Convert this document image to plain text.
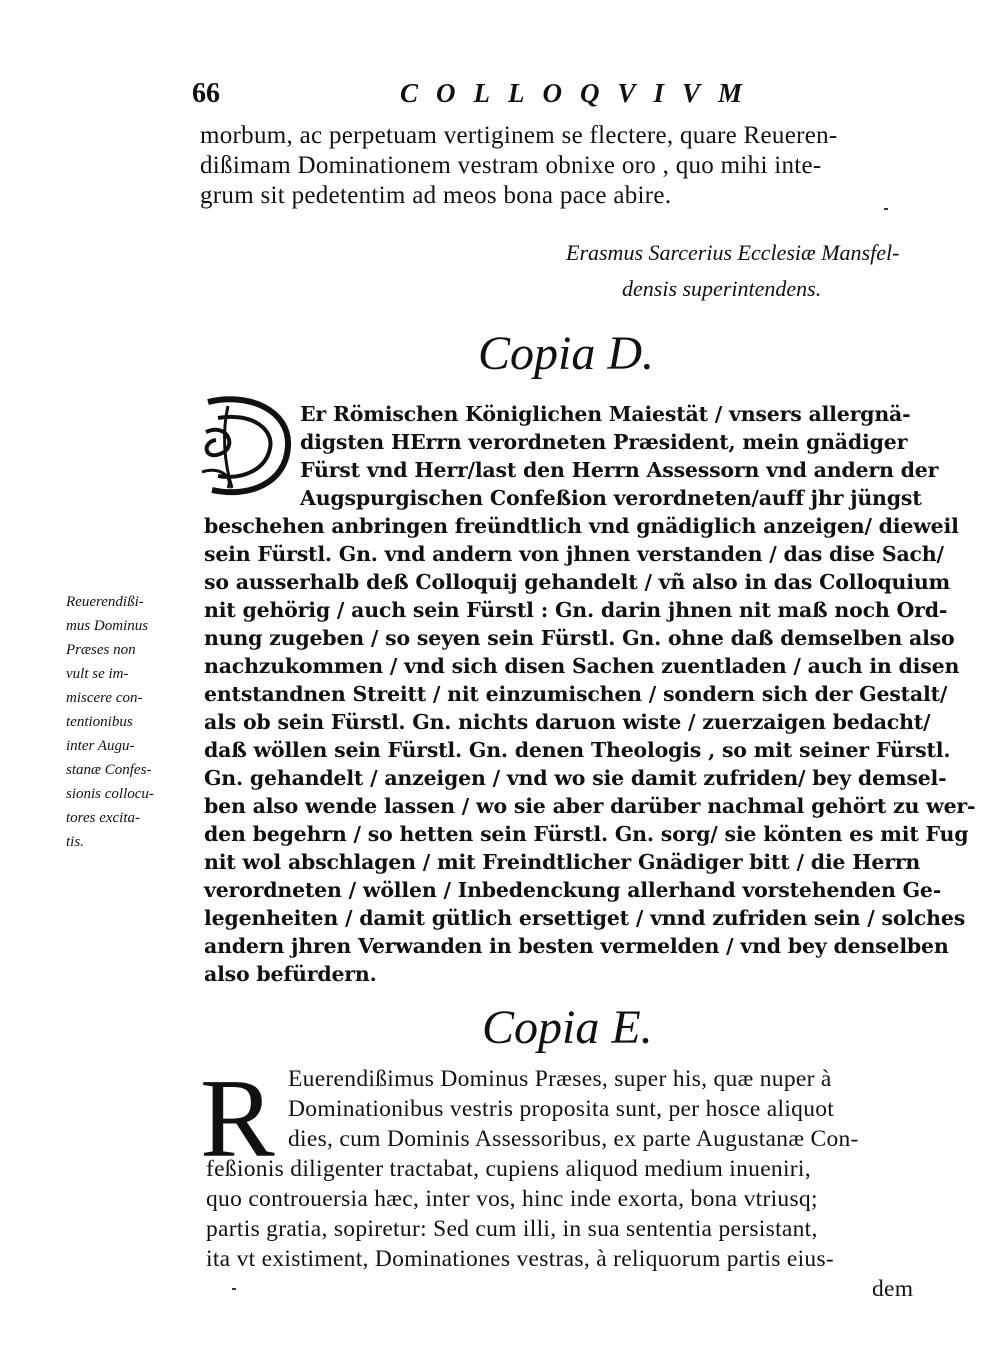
66	COLLOQVIVM
morbum, ac perpetuam vertiginem se flectere, quare Reueren-
dißimam Dominationem vestram obnixe oro , quo mihi inte-
grum sit pedetentim ad meos bona pace abire.
Erasmus Sarcerius Ecclesiæ Mansfel-
densis superintendens.
Copia D.
Er Römischen Königlichen Maiestät / vnsers allergnä-
digsten HErrn verordneten Præsident, mein gnädiger
Fürst vnd Herr/last den Herrn Assessorn vnd andern der
Augspurgischen Confeßion verordneten/auff jhr jüngst
beschehen anbringen freündtlich vnd gnädiglich anzeigen/ dieweil
sein Fürstl. Gn. vnd andern von jhnen verstanden / das dise Sach/
so ausserhalb deß Colloquij gehandelt / vñ also in das Colloquium
nit gehörig / auch sein Fürstl : Gn. darin jhnen nit maß noch Ord-
nung zugeben / so seyen sein Fürstl. Gn. ohne daß demselben also
nachzukommen / vnd sich disen Sachen zuentladen / auch in disen
entstandnen Streitt / nit einzumischen / sondern sich der Gestalt/
als ob sein Fürstl. Gn. nichts daruon wiste / zuerzaigen bedacht/
daß wöllen sein Fürstl. Gn. denen Theologis , so mit seiner Fürstl.
Gn. gehandelt / anzeigen / vnd wo sie damit zufriden/ bey demsel-
ben also wende lassen / wo sie aber darüber nachmal gehört zu wer-
den begehrn / so hetten sein Fürstl. Gn. sorg/ sie könten es mit Fug
nit wol abschlagen / mit Freindtlicher Gnädiger bitt / die Herrn
verordneten / wöllen / Inbedenckung allerhand vorstehenden Ge-
legenheiten / damit gütlich ersettiget / vnnd zufriden sein / solches
andern jhren Verwanden in besten vermelden / vnd bey denselben
also befürdern.
Reuerendißi-
mus Dominus
Præses non
vult se im-
miscere con-
tentionibus
inter Augu-
stanæ Confes-
sionis collocu-
tores excita-
tis.
Copia E.
R Euerendißimus Dominus Præses, super his, quæ nuper à
Dominationibus vestris proposita sunt, per hosce aliquot
dies, cum Dominis Assessoribus, ex parte Augustanæ Con-
feßionis diligenter tractabat, cupiens aliquod medium inueniri,
quo controuersia hæc, inter vos, hinc inde exorta, bona vtriusq;
partis gratia, sopiretur: Sed cum illi, in sua sententia persistant,
ita vt existiment, Dominationes vestras, à reliquorum partis eius-
dem
